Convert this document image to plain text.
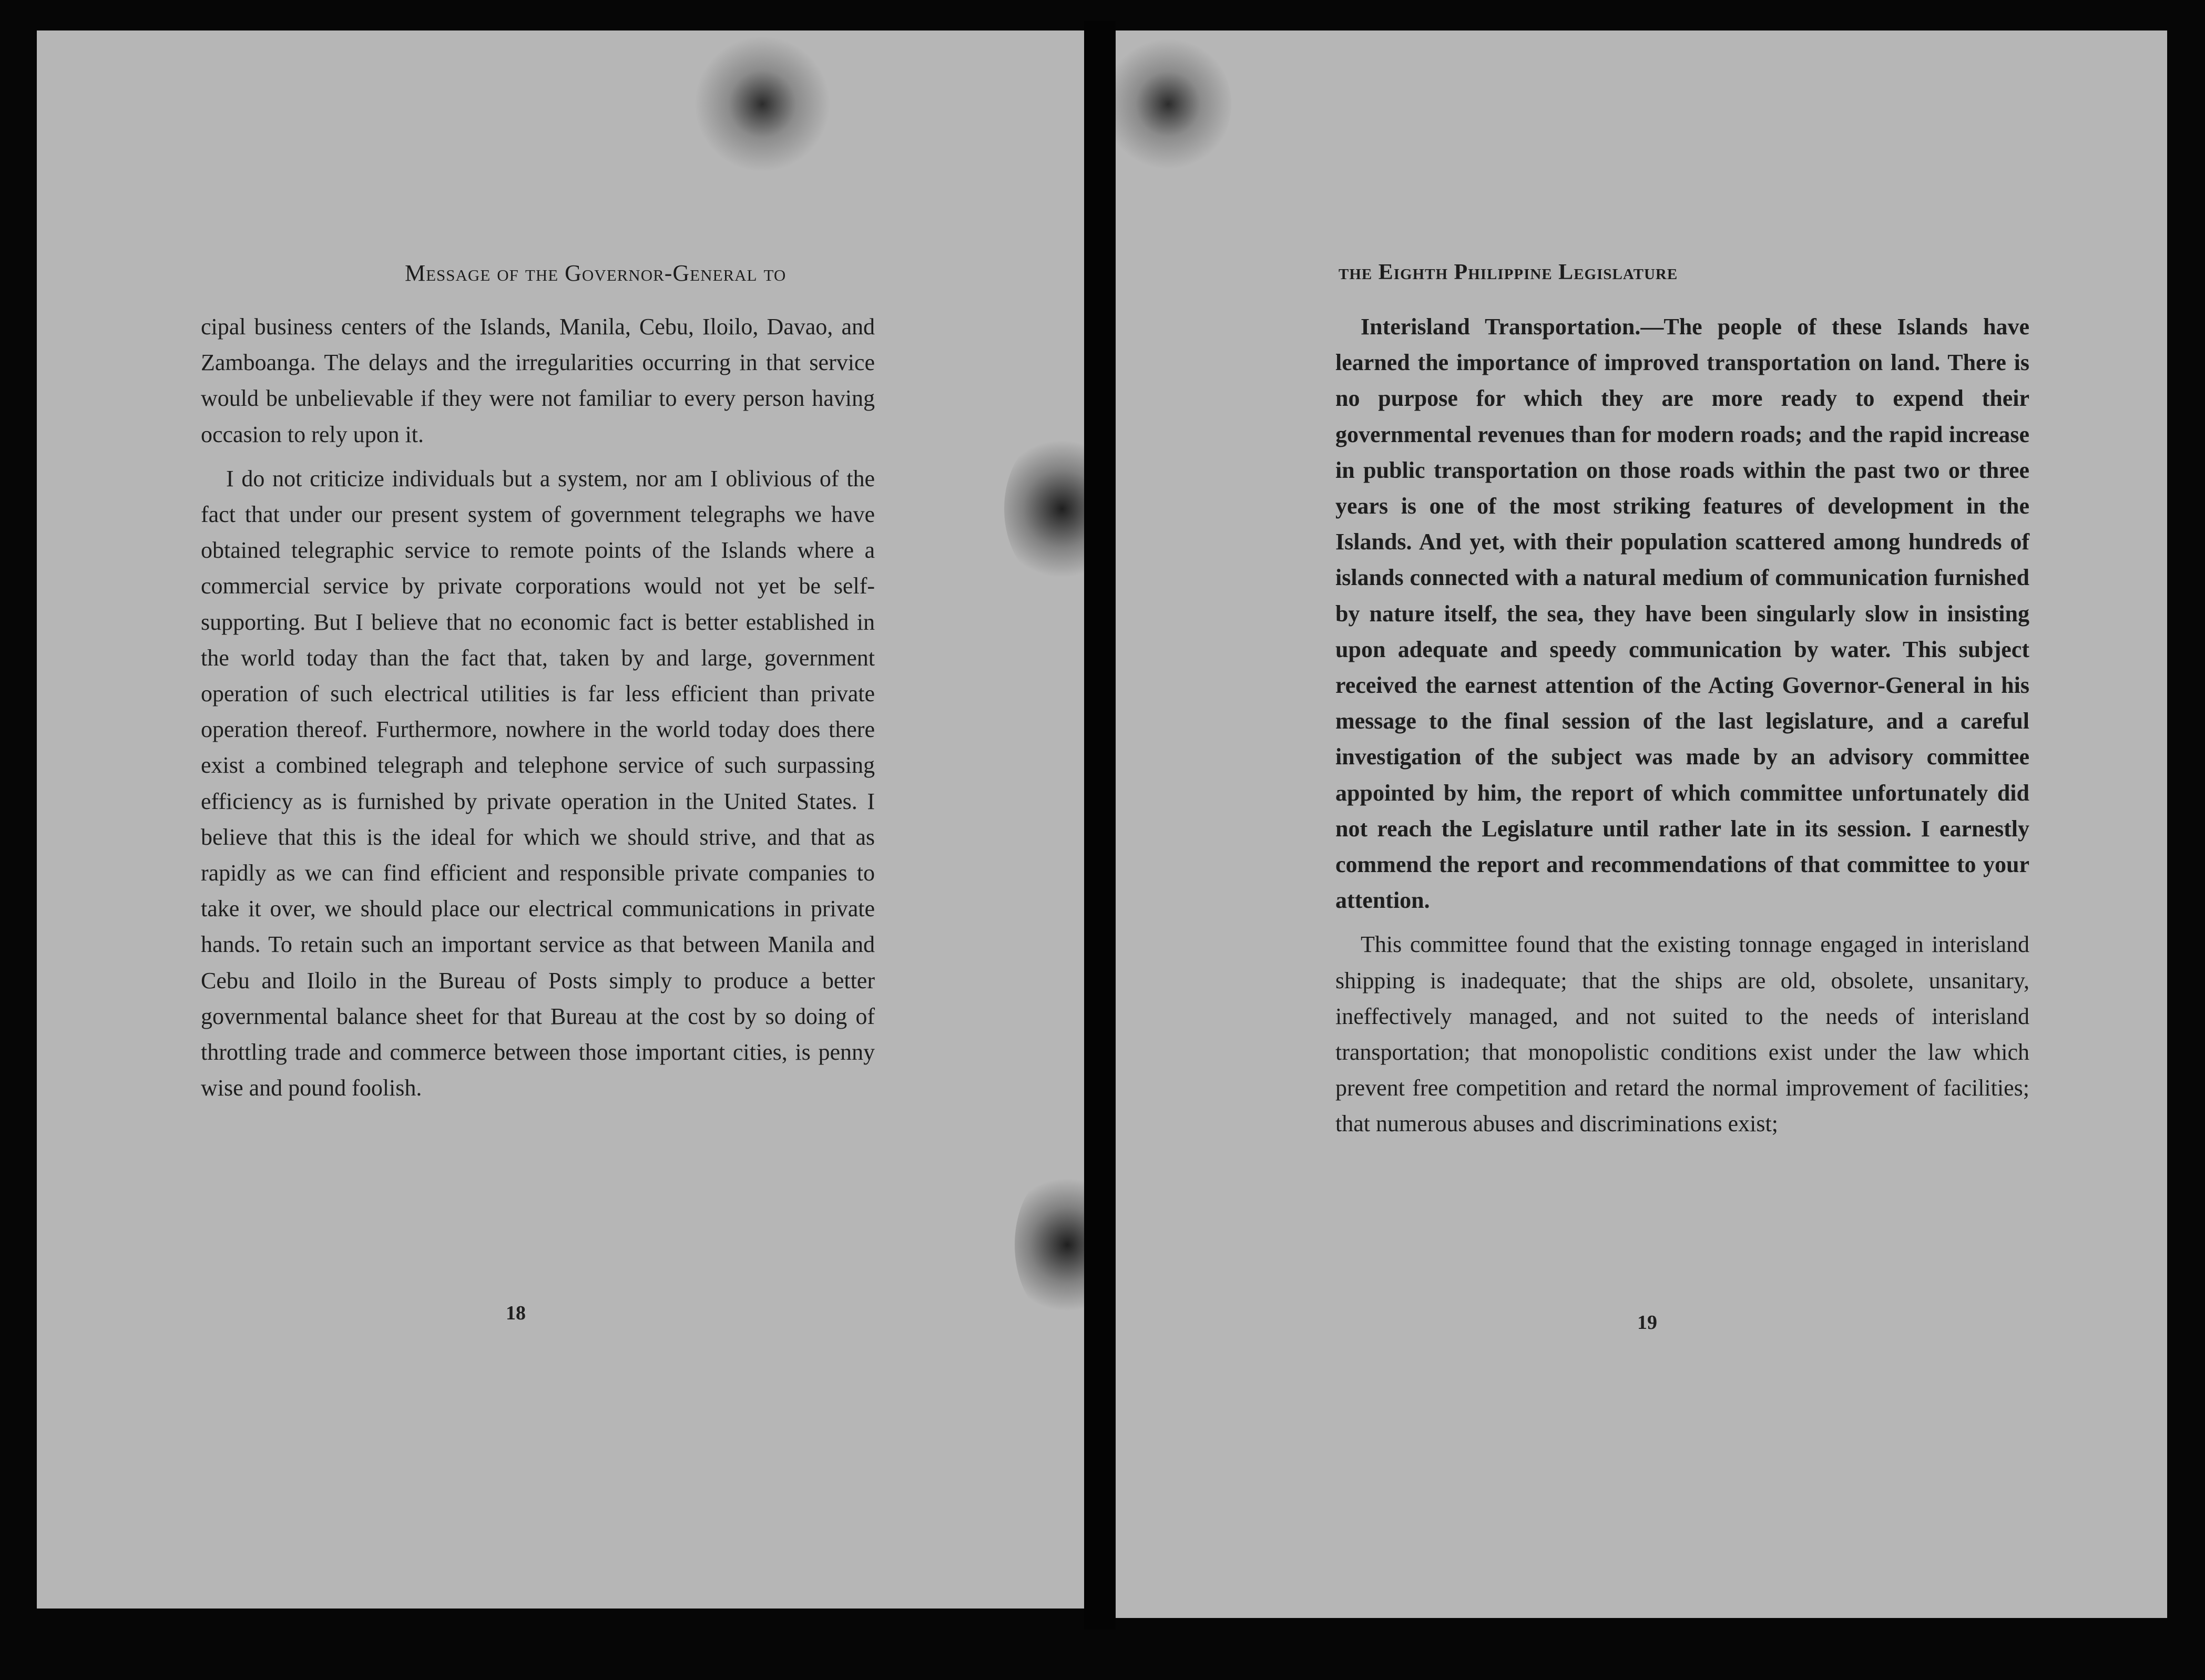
Message of the Governor-General to

cipal business centers of the Islands, Manila, Cebu, Iloilo, Davao, and Zamboanga. The delays and the irregularities occurring in that service would be unbelievable if they were not familiar to every person having occasion to rely upon it.

I do not criticize individuals but a system, nor am I oblivious of the fact that under our present system of government telegraphs we have obtained telegraphic service to remote points of the Islands where a commercial service by private corporations would not yet be self-supporting. But I believe that no economic fact is better established in the world today than the fact that, taken by and large, government operation of such electrical utilities is far less efficient than private operation thereof. Furthermore, nowhere in the world today does there exist a combined telegraph and telephone service of such surpassing efficiency as is furnished by private operation in the United States. I believe that this is the ideal for which we should strive, and that as rapidly as we can find efficient and responsible private companies to take it over, we should place our electrical communications in private hands. To retain such an important service as that between Manila and Cebu and Iloilo in the Bureau of Posts simply to produce a better governmental balance sheet for that Bureau at the cost by so doing of throttling trade and commerce between those important cities, is penny wise and pound foolish.

18
the Eighth Philippine Legislature

Interisland Transportation.—The people of these Islands have learned the importance of improved transportation on land. There is no purpose for which they are more ready to expend their governmental revenues than for modern roads; and the rapid increase in public transportation on those roads within the past two or three years is one of the most striking features of development in the Islands. And yet, with their population scattered among hundreds of islands connected with a natural medium of communication furnished by nature itself, the sea, they have been singularly slow in insisting upon adequate and speedy communication by water. This subject received the earnest attention of the Acting Governor-General in his message to the final session of the last legislature, and a careful investigation of the subject was made by an advisory committee appointed by him, the report of which committee unfortunately did not reach the Legislature until rather late in its session. I earnestly commend the report and recommendations of that committee to your attention.

This committee found that the existing tonnage engaged in interisland shipping is inadequate; that the ships are old, obsolete, unsanitary, ineffectively managed, and not suited to the needs of interisland transportation; that monopolistic conditions exist under the law which prevent free competition and retard the normal improvement of facilities; that numerous abuses and discriminations exist;

19
